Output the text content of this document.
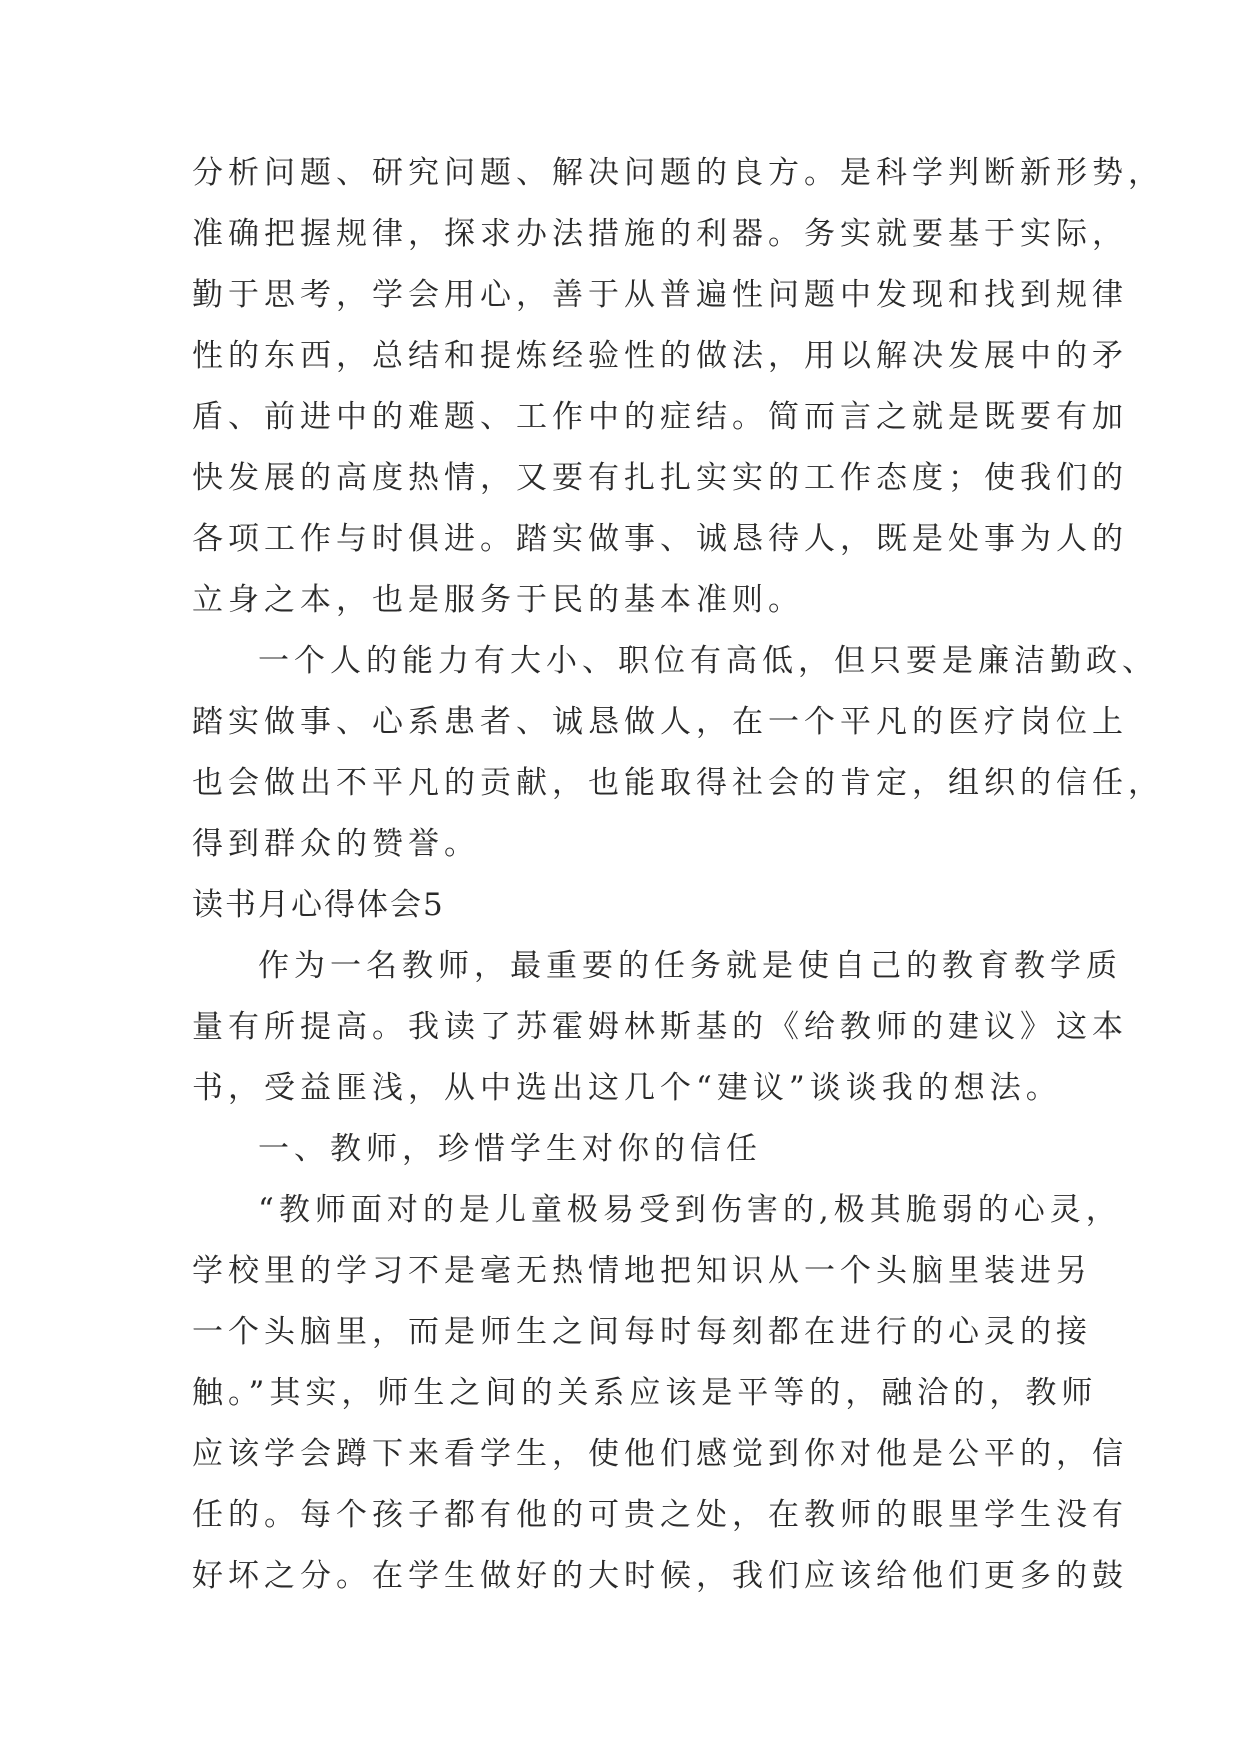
分析问题、研究问题、解决问题的良方。是科学判断新形势，
准确把握规律，探求办法措施的利器。务实就要基于实际，
勤于思考，学会用心，善于从普遍性问题中发现和找到规律
性的东西，总结和提炼经验性的做法，用以解决发展中的矛
盾、前进中的难题、工作中的症结。简而言之就是既要有加
快发展的高度热情，又要有扎扎实实的工作态度；使我们的
各项工作与时俱进。踏实做事、诚恳待人，既是处事为人的
立身之本，也是服务于民的基本准则。
一个人的能力有大小、职位有高低，但只要是廉洁勤政、
踏实做事、心系患者、诚恳做人，在一个平凡的医疗岗位上
也会做出不平凡的贡献，也能取得社会的肯定，组织的信任，
得到群众的赞誉。
读书月心得体会5
作为一名教师，最重要的任务就是使自己的教育教学质
量有所提高。我读了苏霍姆林斯基的《给教师的建议》这本
书，受益匪浅，从中选出这几个“建议”谈谈我的想法。
一、教师，珍惜学生对你的信任
“教师面对的是儿童极易受到伤害的,极其脆弱的心灵，
学校里的学习不是毫无热情地把知识从一个头脑里装进另
一个头脑里，而是师生之间每时每刻都在进行的心灵的接
触。”其实，师生之间的关系应该是平等的，融洽的，教师
应该学会蹲下来看学生，使他们感觉到你对他是公平的，信
任的。每个孩子都有他的可贵之处，在教师的眼里学生没有
好坏之分。在学生做好的大时候，我们应该给他们更多的鼓
